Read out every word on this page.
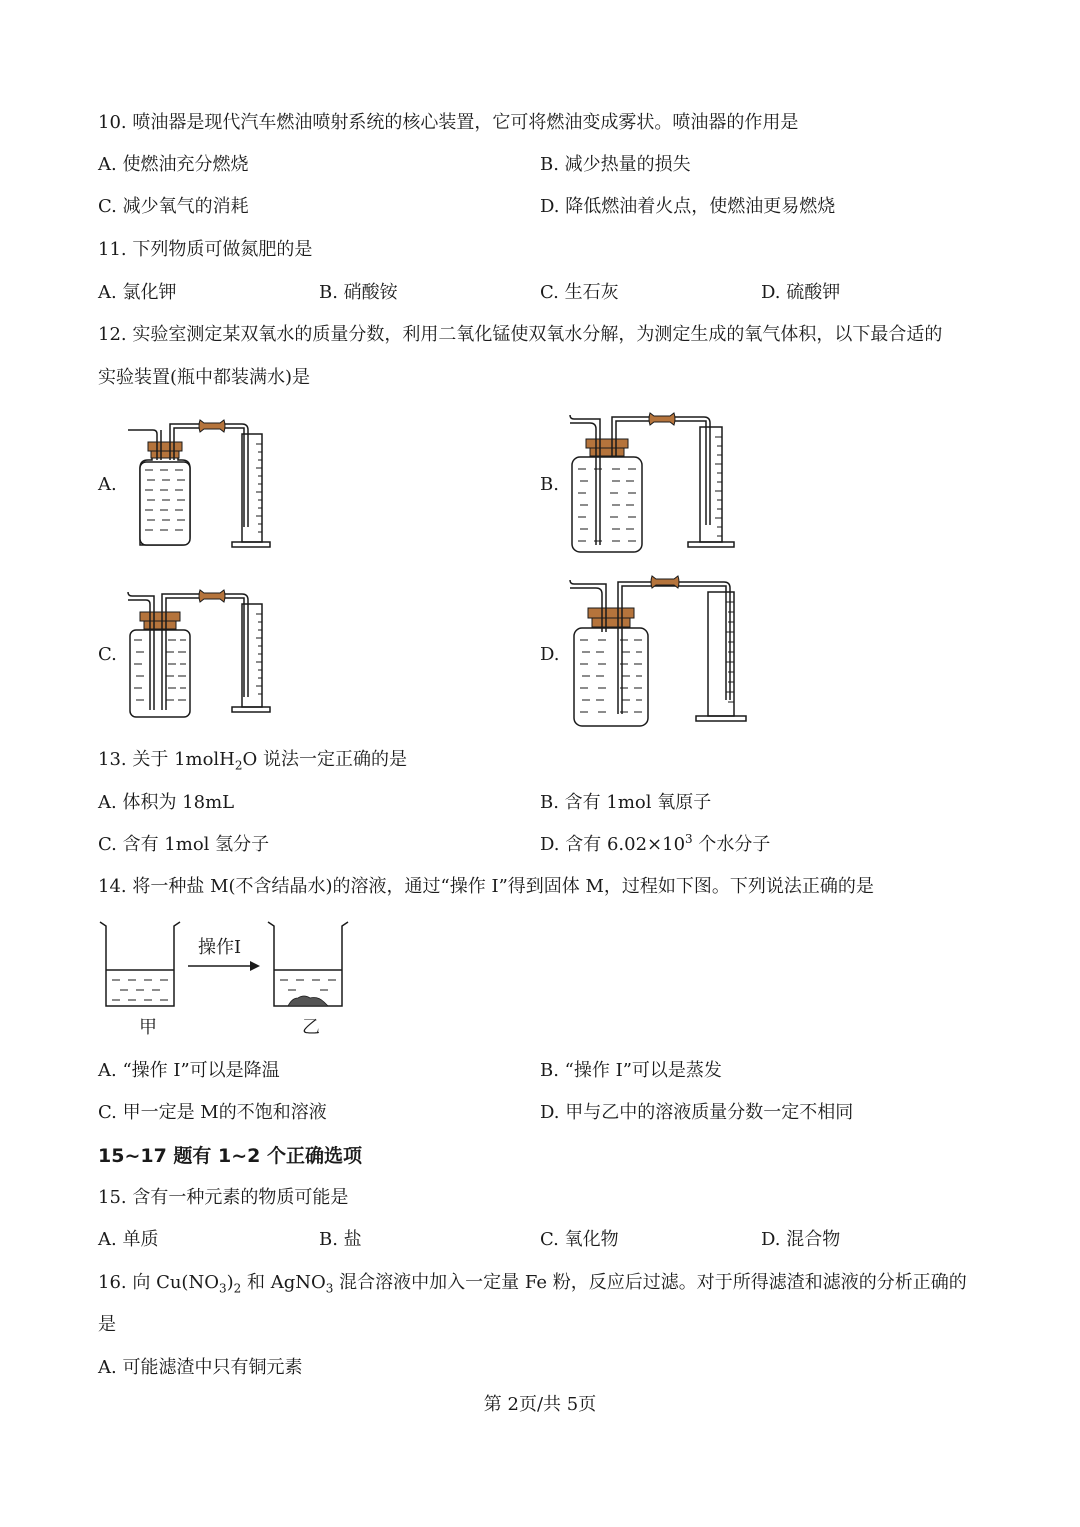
10. 喷油器是现代汽车燃油喷射系统的核心装置，它可将燃油变成雾状。喷油器的作用是
A. 使燃油充分燃烧	B. 减少热量的损失
C. 减少氧气的消耗	D. 降低燃油着火点，使燃油更易燃烧
11. 下列物质可做氮肥的是
A. 氯化钾	B. 硝酸铵	C. 生石灰	D. 硫酸钾
12. 实验室测定某双氧水的质量分数，利用二氧化锰使双氧水分解，为测定生成的氧气体积，以下最合适的
实验装置(瓶中都装满水)是
A.	B.
C.	D.
13. 关于 1molH$_2$O 说法一定正确的是
A. 体积为 18mL	B. 含有 1mol 氧原子
C. 含有 1mol 氢分子	D. 含有 $6.02\times 10^3$ 个水分子
14. 将一种盐 M(不含结晶水)的溶液，通过“操作 I”得到固体 M，过程如下图。下列说法正确的是
操作I
甲	乙
A. “操作 I”可以是降温	B. “操作 I”可以是蒸发
C. 甲一定是 M的不饱和溶液	D. 甲与乙中的溶液质量分数一定不相同
15~17 题有 1~2 个正确选项
15. 含有一种元素的物质可能是
A. 单质	B. 盐	C. 氧化物	D. 混合物
16. 向 $Cu(NO_3)_2$ 和 AgNO$_3$ 混合溶液中加入一定量 Fe 粉，反应后过滤。对于所得滤渣和滤液的分析正确的
是
A. 可能滤渣中只有铜元素
第 2页/共 5页
